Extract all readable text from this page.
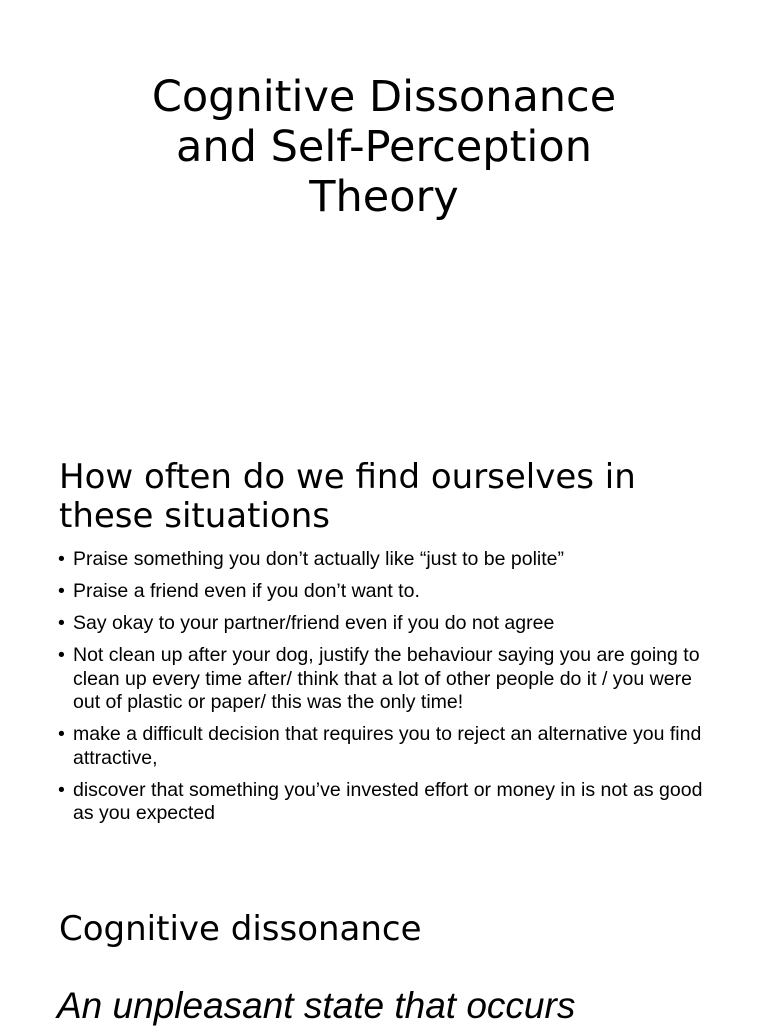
Cognitive Dissonance
and Self-Perception
Theory
How often do we find ourselves in
these situations
• Praise something you don’t actually like “just to be polite”
• Praise a friend even if you don’t want to.
• Say okay to your partner/friend even if you do not agree
• Not clean up after your dog, justify the behaviour saying you are going to clean up every time after/ think that a lot of other people do it / you were out of plastic or paper/ this was the only time!
• make a difficult decision that requires you to reject an alternative you find attractive,
• discover that something you’ve invested effort or money in is not as good as you expected
Cognitive dissonance

An unpleasant state that occurs
